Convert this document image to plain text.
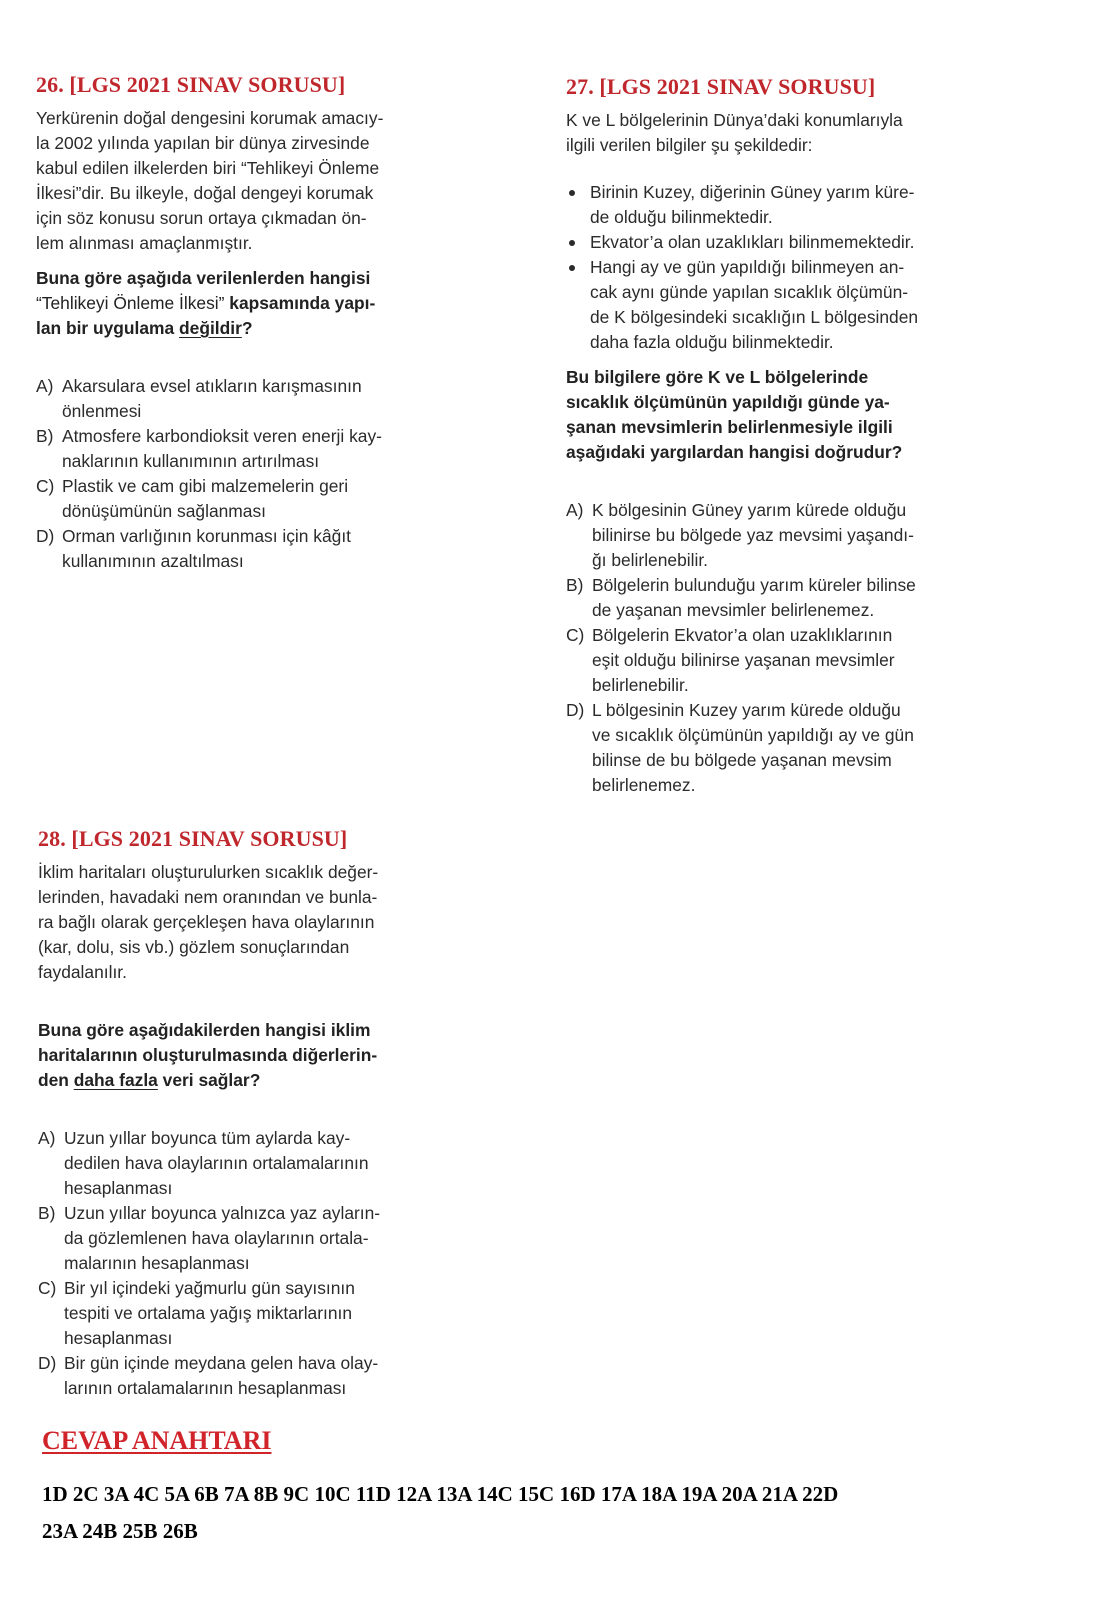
26. [LGS 2021 SINAV SORUSU]

Yerkürenin doğal dengesini korumak amacıy-
la 2002 yılında yapılan bir dünya zirvesinde
kabul edilen ilkelerden biri “Tehlikeyi Önleme
İlkesi”dir. Bu ilkeyle, doğal dengeyi korumak
için söz konusu sorun ortaya çıkmadan ön-
lem alınması amaçlanmıştır.

Buna göre aşağıda verilenlerden hangisi
“Tehlikeyi Önleme İlkesi” kapsamında yapı-
lan bir uygulama değildir?

A) Akarsulara evsel atıkların karışmasının
önlenmesi
B) Atmosfere karbondioksit veren enerji kay-
naklarının kullanımının artırılması
C) Plastik ve cam gibi malzemelerin geri
dönüşümünün sağlanması
D) Orman varlığının korunması için kâğıt
kullanımının azaltılması
27. [LGS 2021 SINAV SORUSU]

K ve L bölgelerinin Dünya’daki konumlarıyla
ilgili verilen bilgiler şu şekildedir:

Birinin Kuzey, diğerinin Güney yarım küre-
de olduğu bilinmektedir.
Ekvator’a olan uzaklıkları bilinmemektedir.
Hangi ay ve gün yapıldığı bilinmeyen an-
cak aynı günde yapılan sıcaklık ölçümün-
de K bölgesindeki sıcaklığın L bölgesinden
daha fazla olduğu bilinmektedir.

Bu bilgilere göre K ve L bölgelerinde
sıcaklık ölçümünün yapıldığı günde ya-
şanan mevsimlerin belirlenmesiyle ilgili
aşağıdaki yargılardan hangisi doğrudur?

A) K bölgesinin Güney yarım kürede olduğu
bilinirse bu bölgede yaz mevsimi yaşandı-
ğı belirlenebilir.
B) Bölgelerin bulunduğu yarım küreler bilinse
de yaşanan mevsimler belirlenemez.
C) Bölgelerin Ekvator’a olan uzaklıklarının
eşit olduğu bilinirse yaşanan mevsimler
belirlenebilir.
D) L bölgesinin Kuzey yarım kürede olduğu
ve sıcaklık ölçümünün yapıldığı ay ve gün
bilinse de bu bölgede yaşanan mevsim
belirlenemez.
28. [LGS 2021 SINAV SORUSU]

İklim haritaları oluşturulurken sıcaklık değer-
lerinden, havadaki nem oranından ve bunla-
ra bağlı olarak gerçekleşen hava olaylarının
(kar, dolu, sis vb.) gözlem sonuçlarından
faydalanılır.

Buna göre aşağıdakilerden hangisi iklim
haritalarının oluşturulmasında diğerlerin-
den daha fazla veri sağlar?

A) Uzun yıllar boyunca tüm aylarda kay-
dedilen hava olaylarının ortalamalarının
hesaplanması
B) Uzun yıllar boyunca yalnızca yaz ayların-
da gözlemlenen hava olaylarının ortala-
malarının hesaplanması
C) Bir yıl içindeki yağmurlu gün sayısının
tespiti ve ortalama yağış miktarlarının
hesaplanması
D) Bir gün içinde meydana gelen hava olay-
larının ortalamalarının hesaplanması
CEVAP ANAHTARI
1D 2C 3A 4C 5A 6B 7A 8B 9C 10C 11D 12A 13A 14C 15C 16D 17A 18A 19A 20A 21A 22D
23A 24B 25B 26B
